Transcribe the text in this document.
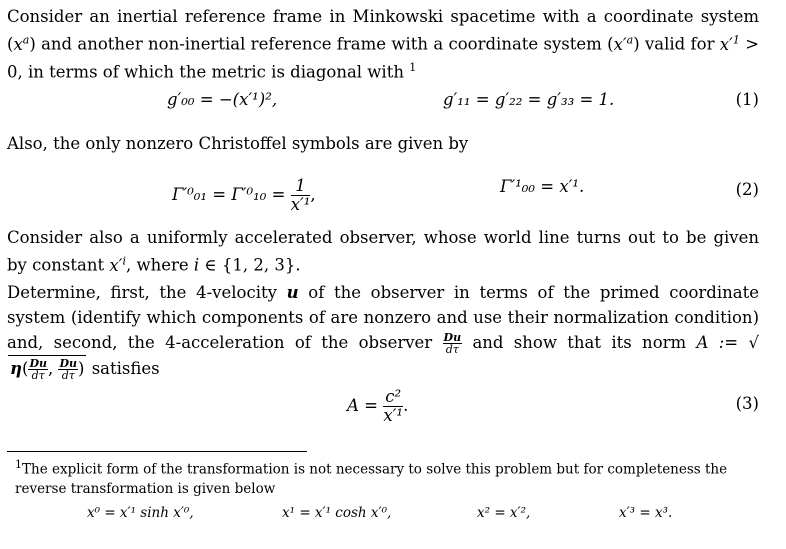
Consider an inertial reference frame in Minkowski spacetime with a coordinate system $(x^a)$ and another non-inertial reference frame with a coordinate system $(x'^a)$ valid for $x'^1 > 0$, in terms of which the metric is diagonal with $^1$
g′₀₀ = −(x′¹)²,	g′₁₁ = g′₂₂ = g′₃₃ = 1.	(1)
Also, the only nonzero Christoffel symbols are given by
$\Gamma'^0_{01} = \Gamma'^0_{10} = \frac{1}{\text{x′¹}}$ ,	Γ′¹₀₀ = x′¹.	(2)
Consider also a uniformly accelerated observer, whose world line turns out to be given by constant $x'^i$, where i ∈ {1, 2, 3}.
Determine, first, the 4-velocity u of the observer in terms of the primed coordinate system (identify which components of are nonzero and use their normalization condition) and, second, the 4-acceleration of the observer $\frac{Du}{d\tau}$ and show that its norm A := $√\eta( \frac{Du}{d\tau}$ , $\frac{Du}{d\tau}$ ) satisfies
$A = \frac{\text{c²}}{\text{x′¹}}$ .	(3)
$^1$The explicit form of the transformation is not necessary to solve this problem but for completeness the reverse transformation is given below
x⁰ = x′¹ sinh x′⁰,	x¹ = x′¹ cosh x′⁰,	x² = x′²,	x′³ = x³.
